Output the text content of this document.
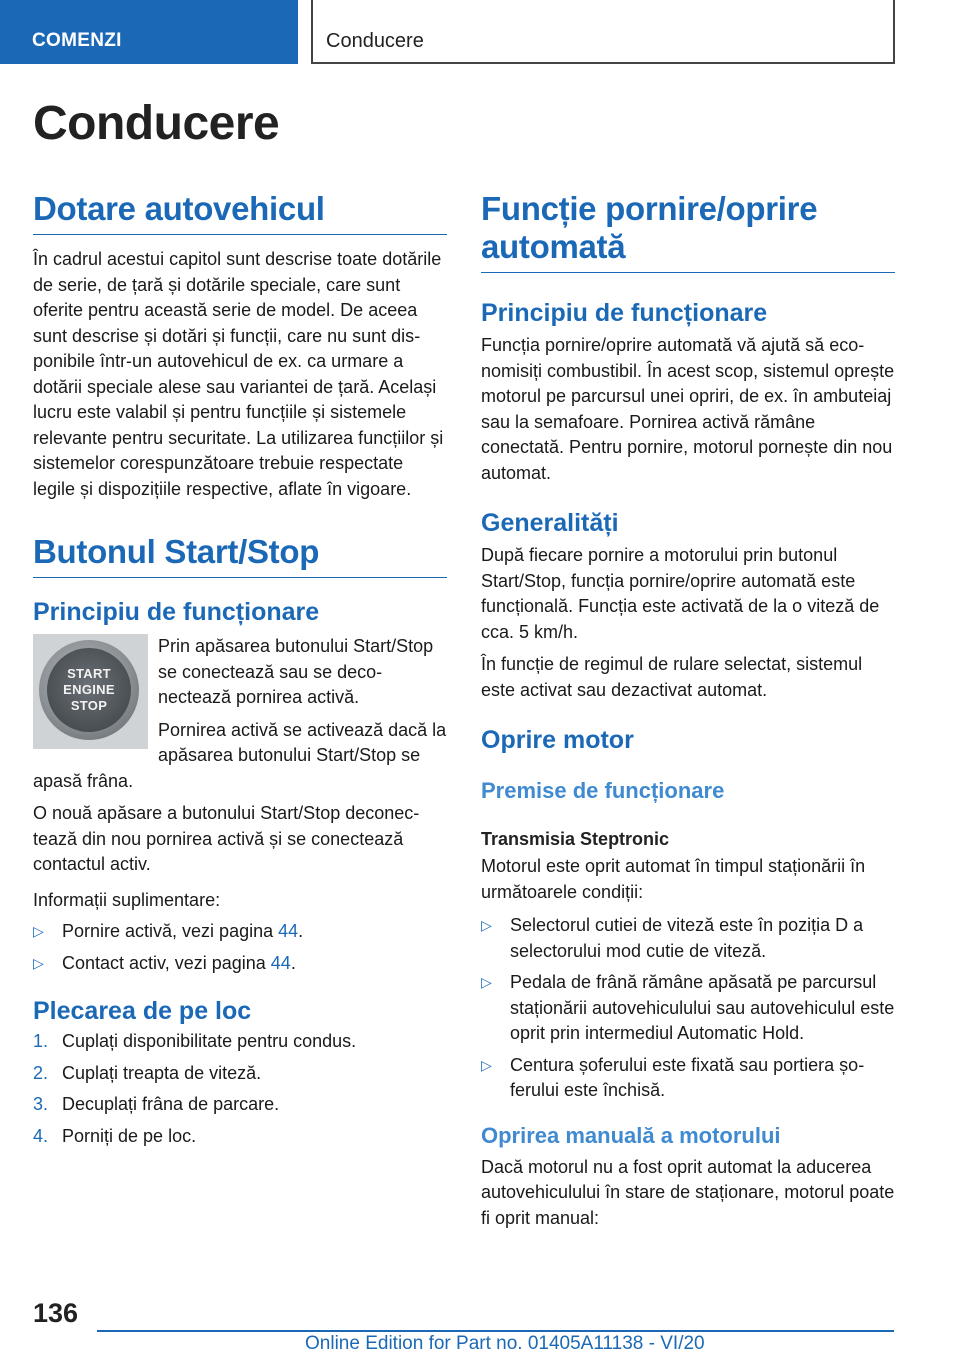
COMENZI	Conducere
Conducere
Dotare autovehicul

În cadrul acestui capitol sunt descrise toate dotările de serie, de țară și dotările speciale, care sunt oferite pentru această serie de model. De aceea sunt descrise și dotări și funcții, care nu sunt disponibile într-un autovehicul de ex. ca urmare a dotării speciale alese sau variantei de țară. Același lucru este valabil și pentru funcțiile și sistemele relevante pentru securitate. La utilizarea funcțiilor și sistemelor corespunzătoare trebuie respectate legile și dispozițiile respective, aflate în vigoare.

Butonul Start/Stop
Principiu de funcționare
START
ENGINE
STOP

Prin apăsarea butonului Start/Stop se conectează sau se deconectează pornirea activă.

Pornirea activă se activează dacă la apăsarea butonului Start/Stop se apasă frâna.

O nouă apăsare a butonului Start/Stop deconectează din nou pornirea activă și se conectează contactul activ.

Informații suplimentare:

▷ Pornire activă, vezi pagina 44.
▷ Contact activ, vezi pagina 44.
Plecarea de pe loc
1. Cuplați disponibilitate pentru condus.
2. Cuplați treapta de viteză.
3. Decuplați frâna de parcare.
4. Porniți de pe loc.
Funcție pornire/oprire automată
Principiu de funcționare

Funcția pornire/oprire automată vă ajută să economisiți combustibil. În acest scop, sistemul oprește motorul pe parcursul unei opriri, de ex. în ambuteiaj sau la semafoare. Pornirea activă rămâne conectată. Pentru pornire, motorul pornește din nou automat.

Generalități

După fiecare pornire a motorului prin butonul Start/Stop, funcția pornire/oprire automată este funcțională. Funcția este activată de la o viteză de cca. 5 km/h.

În funcție de regimul de rulare selectat, sistemul este activat sau dezactivat automat.

Oprire motor
Premise de funcționare
Transmisia Steptronic

Motorul este oprit automat în timpul staționării în următoarele condiții:

▷ Selectorul cutiei de viteză este în poziția D a selectorului mod cutie de viteză.
▷ Pedala de frână rămâne apăsată pe parcursul staționării autovehiculului sau autovehiculul este oprit prin intermediul Automatic Hold.
▷ Centura șoferului este fixată sau portiera șoferului este închisă.
Oprirea manuală a motorului

Dacă motorul nu a fost oprit automat la aducerea autovehiculului în stare de staționare, motorul poate fi oprit manual:

136
Online Edition for Part no. 01405A11138 - VI/20
